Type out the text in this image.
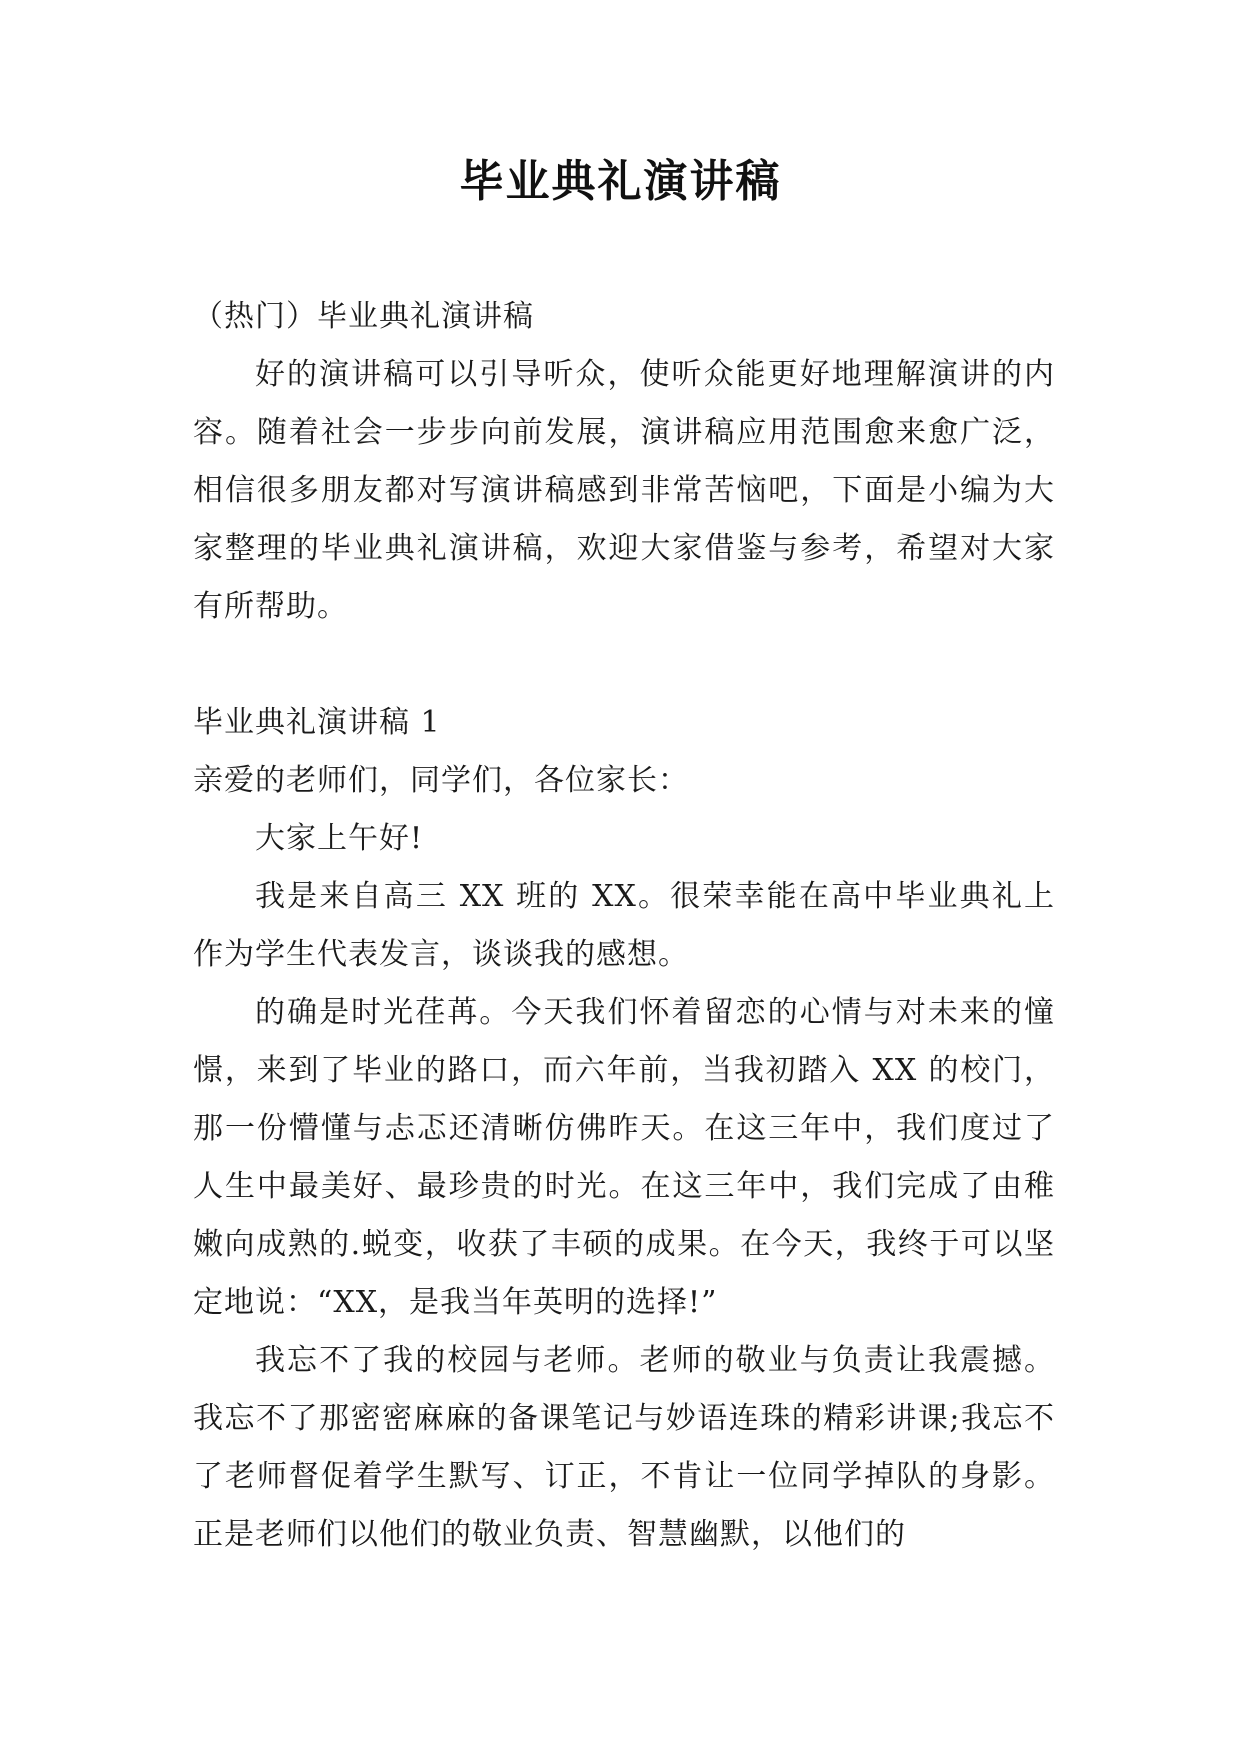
毕业典礼演讲稿

（热门）毕业典礼演讲稿

好的演讲稿可以引导听众，使听众能更好地理解演讲的内容。随着社会一步步向前发展，演讲稿应用范围愈来愈广泛，相信很多朋友都对写演讲稿感到非常苦恼吧，下面是小编为大家整理的毕业典礼演讲稿，欢迎大家借鉴与参考，希望对大家有所帮助。

毕业典礼演讲稿 1

亲爱的老师们，同学们，各位家长：

大家上午好!

我是来自高三 XX 班的 XX。很荣幸能在高中毕业典礼上作为学生代表发言，谈谈我的感想。

的确是时光荏苒。今天我们怀着留恋的心情与对未来的憧憬，来到了毕业的路口，而六年前，当我初踏入 XX 的校门，那一份懵懂与忐忑还清晰仿佛昨天。在这三年中，我们度过了人生中最美好、最珍贵的时光。在这三年中，我们完成了由稚嫩向成熟的.蜕变，收获了丰硕的成果。在今天，我终于可以坚定地说：“XX，是我当年英明的选择!”

我忘不了我的校园与老师。老师的敬业与负责让我震撼。我忘不了那密密麻麻的备课笔记与妙语连珠的精彩讲课;我忘不了老师督促着学生默写、订正，不肯让一位同学掉队的身影。正是老师们以他们的敬业负责、智慧幽默，以他们的
